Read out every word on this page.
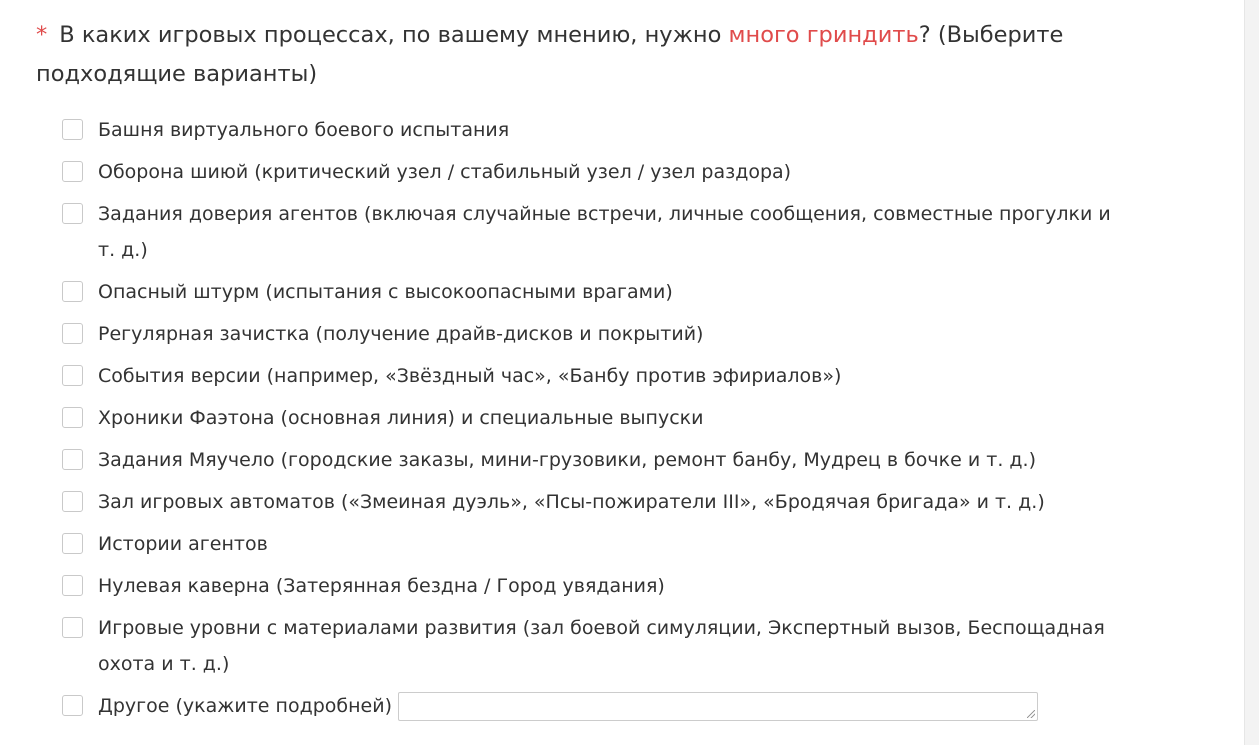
* В каких игровых процессах, по вашему мнению, нужно много гриндить? (Выберите подходящие варианты)
Башня виртуального боевого испытания
Оборона шиюй (критический узел / стабильный узел / узел раздора)
Задания доверия агентов (включая случайные встречи, личные сообщения, совместные прогулки и т. д.)
Опасный штурм (испытания с высокоопасными врагами)
Регулярная зачистка (получение драйв-дисков и покрытий)
События версии (например, «Звёздный час», «Банбу против эфириалов»)
Хроники Фаэтона (основная линия) и специальные выпуски
Задания Мяучело (городские заказы, мини-грузовики, ремонт банбу, Мудрец в бочке и т. д.)
Зал игровых автоматов («Змеиная дуэль», «Псы-пожиратели III», «Бродячая бригада» и т. д.)
Истории агентов
Нулевая каверна (Затерянная бездна / Город увядания)
Игровые уровни с материалами развития (зал боевой симуляции, Экспертный вызов, Беспощадная охота и т. д.)
Другое (укажите подробней)
